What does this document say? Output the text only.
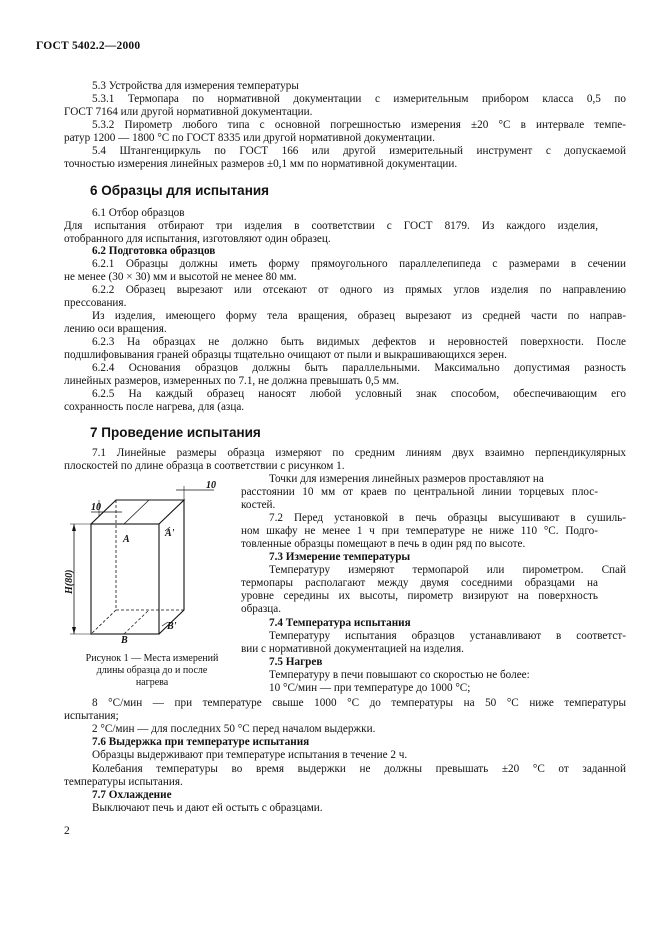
ГОСТ 5402.2—2000
5.3 Устройства для измерения температуры
5.3.1 Термопара по нормативной документации с измерительным прибором класса 0,5 по
ГОСТ 7164 или другой нормативной документации.
5.3.2 Пирометр любого типа с основной погрешностью измерения ±20 °С в интервале темпе-
ратур 1200 — 1800 °С по ГОСТ 8335 или другой нормативной документации.
5.4 Штангенциркуль по ГОСТ 166 или другой измерительный инструмент с допускаемой
точностью измерения линейных размеров ±0,1 мм по нормативной документации.
6 Образцы для испытания
6.1 Отбор образцов
Для испытания отбирают три изделия в соответствии с ГОСТ 8179. Из каждого изделия,
отобранного для испытания, изготовляют один образец.
6.2 Подготовка образцов
6.2.1 Образцы должны иметь форму прямоугольного параллелепипеда с размерами в сечении
не менее (30 × 30) мм и высотой не менее 80 мм.
6.2.2 Образец вырезают или отсекают от одного из прямых углов изделия по направлению
прессования.
Из изделия, имеющего форму тела вращения, образец вырезают из средней части по направ-
лению оси вращения.
6.2.3 На образцах не должно быть видимых дефектов и неровностей поверхности. После
подшлифовывания граней образцы тщательно очищают от пыли и выкрашивающихся зерен.
6.2.4 Основания образцов должны быть параллельными. Максимально допустимая разность
линейных размеров, измеренных по 7.1, не должна превышать 0,5 мм.
6.2.5 На каждый образец наносят любой условный знак способом, обеспечивающим его
сохранность после нагрева, для (азца.
7 Проведение испытания
7.1 Линейные размеры образца измеряют по средним линиям двух взаимно перпендикулярных
плоскостей по длине образца в соответствии с рисунком 1.
10
10
H(80)
A
A'
B
B'
Рисунок 1 — Места измерений
длины образца до и после
нагрева
Точки для измерения линейных размеров проставляют на
расстоянии 10 мм от краев по центральной линии торцевых плос-
костей.
7.2 Перед установкой в печь образцы высушивают в сушиль-
ном шкафу не менее 1 ч при температуре не ниже 110 °С. Подго-
товленные образцы помещают в печь в один ряд по высоте.
7.3 Измерение температуры
Температуру измеряют термопарой или пирометром. Спай
термопары располагают между двумя соседними образцами на
уровне середины их высоты, пирометр визируют на поверхность
образца.
7.4 Температура испытания
Температуру испытания образцов устанавливают в соответст-
вии с нормативной документацией на изделия.
7.5 Нагрев
Температуру в печи повышают со скоростью не более:
10 °С/мин — при температуре до 1000 °С;
8 °С/мин — при температуре свыше 1000 °С до температуры на 50 °С ниже температуры
испытания;
2 °С/мин — для последних 50 °С перед началом выдержки.
7.6 Выдержка при температуре испытания
Образцы выдерживают при температуре испытания в течение 2 ч.
Колебания температуры во время выдержки не должны превышать ±20 °С от заданной
температуры испытания.
7.7 Охлаждение
Выключают печь и дают ей остыть с образцами.
2
